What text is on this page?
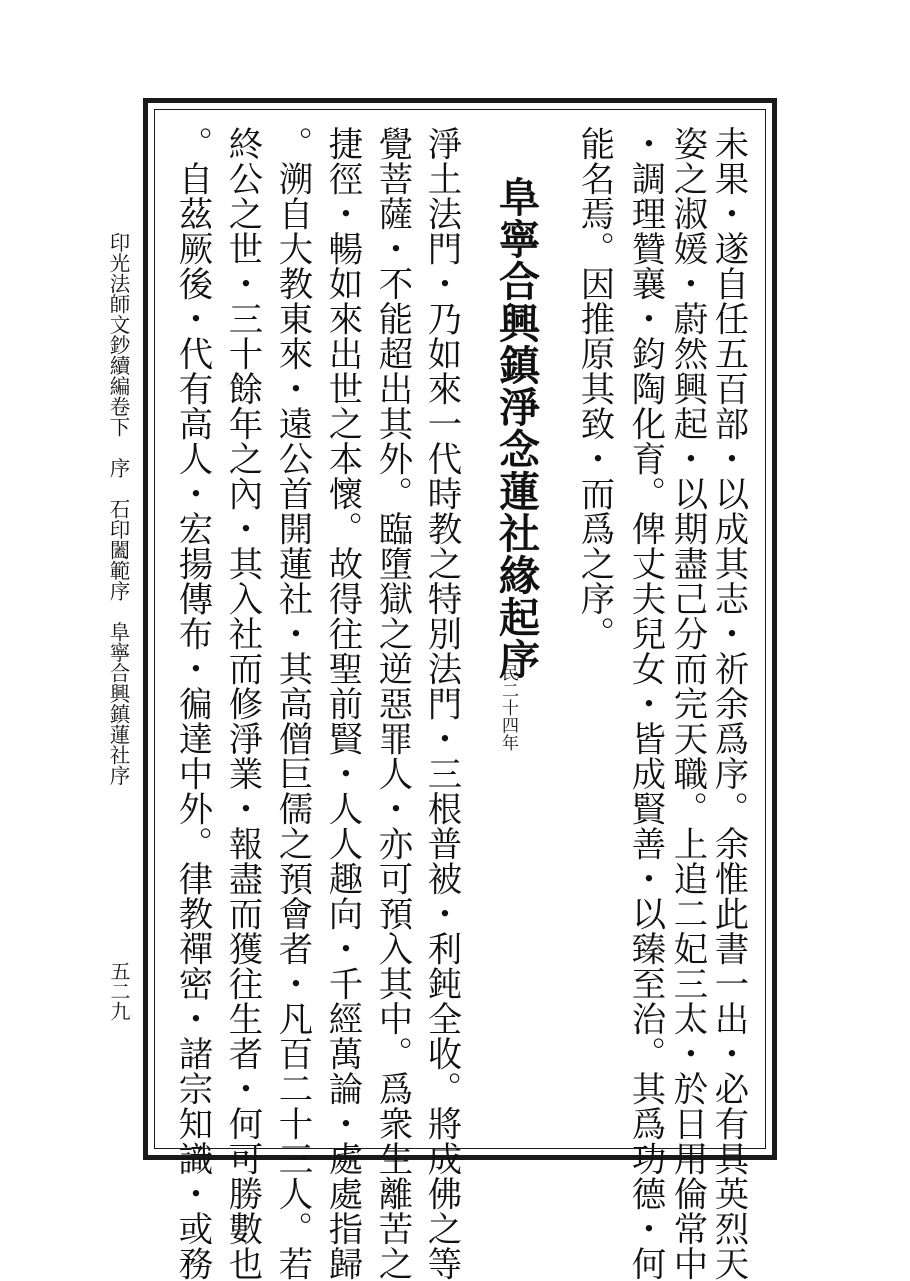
印光法師文鈔續編卷下　序　石印闔範序　阜寧合興鎮蓮社序
五二九	未果・遂自任五百部・以成其志・祈余爲序。余惟此書一出・必有具英烈天
姿之淑媛・蔚然興起・以期盡己分而完天職。上追二妃三太・於日用倫常中
・調理贊襄・鈞陶化育。俾丈夫兒女・皆成賢善・以臻至治。其爲功德・何
能名焉。因推原其致・而爲之序。
阜寧合興鎮淨念蓮社緣起序
民二十四年
淨土法門・乃如來一代時教之特別法門・三根普被・利鈍全收。將成佛之等
覺菩薩・不能超出其外。臨墮獄之逆惡罪人・亦可預入其中。爲衆生離苦之
捷徑・暢如來出世之本懷。故得往聖前賢・人人趣向・千經萬論・處處指歸
。溯自大教東來・遠公首開蓮社・其高僧巨儒之預會者・凡百二十三人。若
終公之世・三十餘年之內・其入社而修淨業・報盡而獲往生者・何可勝數也
。自茲厥後・代有高人・宏揚傳布・徧達中外。律教禪密・諸宗知識・或務
